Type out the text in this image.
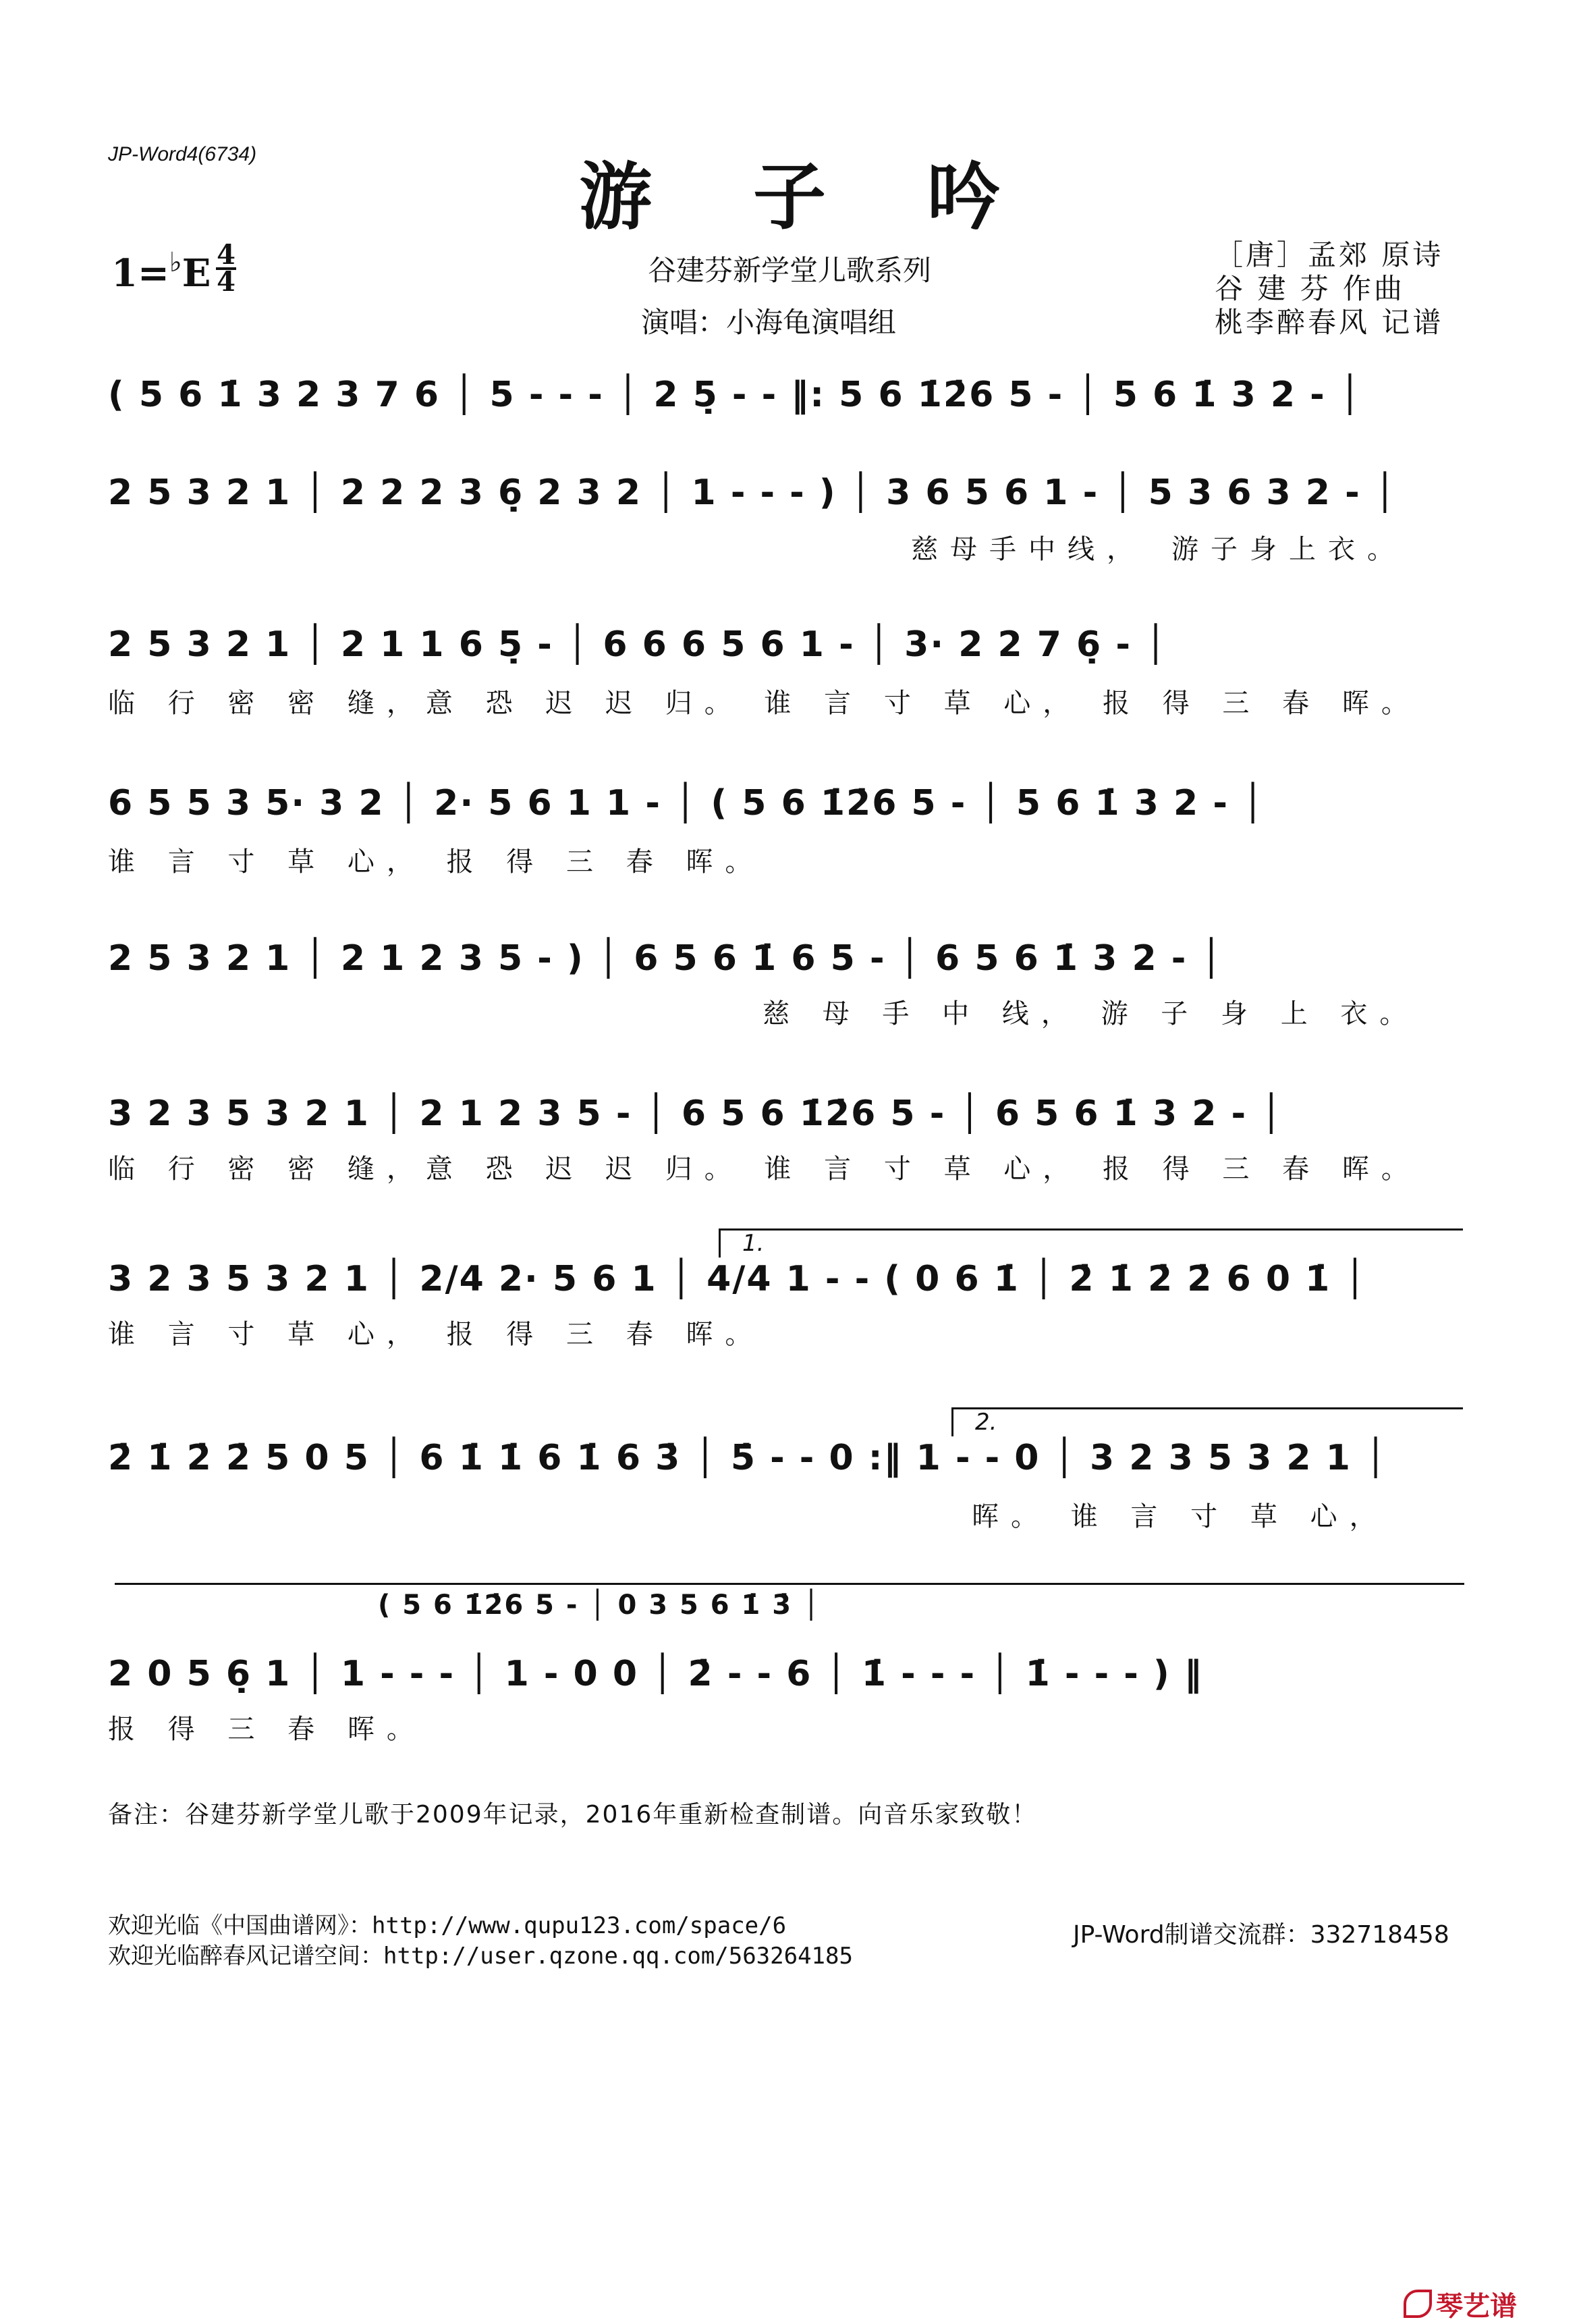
JP-Word4(6734)
游子吟
1=♭E 4
4	谷建芬新学堂儿歌系列
演唱：小海龟演唱组
［唐］孟郊 原诗
谷 建 芬 作曲
桃李醉春风 记谱
( 5 6 1̇ 3 2 3 7 6 │ 5 - - - │ 2 5̣ - - ‖: 5 6 1̇2̇6 5 - │ 5 6 1̇ 3 2 - │
2 5 3 2 1 │ 2 2 2 3 6̣ 2 3 2 │ 1 - - - ) │ 3 6 5 6 1 - │ 5 3 6 3 2 - │
慈母手中线，　游子身上衣。
2 5 3 2 1 │ 2 1 1 6 5̣ - │ 6 6 6 5 6 1 - │ 3· 2 2 7 6̣ - │
临 行 密 密 缝，意 恐 迟 迟 归。 谁 言 寸 草 心， 报 得 三 春 晖。
6 5 5 3 5· 3 2 │ 2· 5 6 1 1 - │ ( 5 6 1̇2̇6 5 - │ 5 6 1̇ 3 2 - │
谁 言 寸 草 心， 报 得 三 春 晖。
2 5 3 2 1 │ 2 1 2 3 5 - ) │ 6 5 6 1̇ 6 5 - │ 6 5 6 1̇ 3 2 - │
慈 母 手 中 线， 游 子 身 上 衣。
3 2 3 5 3 2 1 │ 2 1 2 3 5 - │ 6 5 6 1̇2̇6 5 - │ 6 5 6 1̇ 3 2 - │
临 行 密 密 缝，意 恐 迟 迟 归。 谁 言 寸 草 心， 报 得 三 春 晖。
1.
3 2 3 5 3 2 1 │ 2/4 2· 5 6 1 │ 4/4 1 - - ( 0 6 1̇ │ 2̇ 1̇ 2̇ 2̇ 6 0 1̇ │
谁 言 寸 草 心， 报 得 三 春 晖。
2.
2̇ 1̇ 2̇ 2̇ 5 0 5 │ 6 1̇ 1̇ 6 1̇ 6 3̇ │ 5̇ - - 0 :‖ 1 - - 0 │ 3 2 3 5 3 2 1 │
晖。 谁 言 寸 草 心，
( 5 6 1̇2̇6 5 - │ 0 3 5 6 1̇ 3̇ │
2 0 5 6̣ 1 │ 1 - - - │ 1 - 0 0 │ 2̇ - - 6 │ 1̇ - - - │ 1̇ - - - ) ‖
报 得 三 春 晖。
备注：谷建芬新学堂儿歌于2009年记录，2016年重新检查制谱。向音乐家致敬！
欢迎光临《中国曲谱网》：http://www.qupu123.com/space/6
欢迎光临醉春风记谱空间：http://user.qzone.qq.com/563264185
JP-Word制谱交流群：332718458
琴艺谱
